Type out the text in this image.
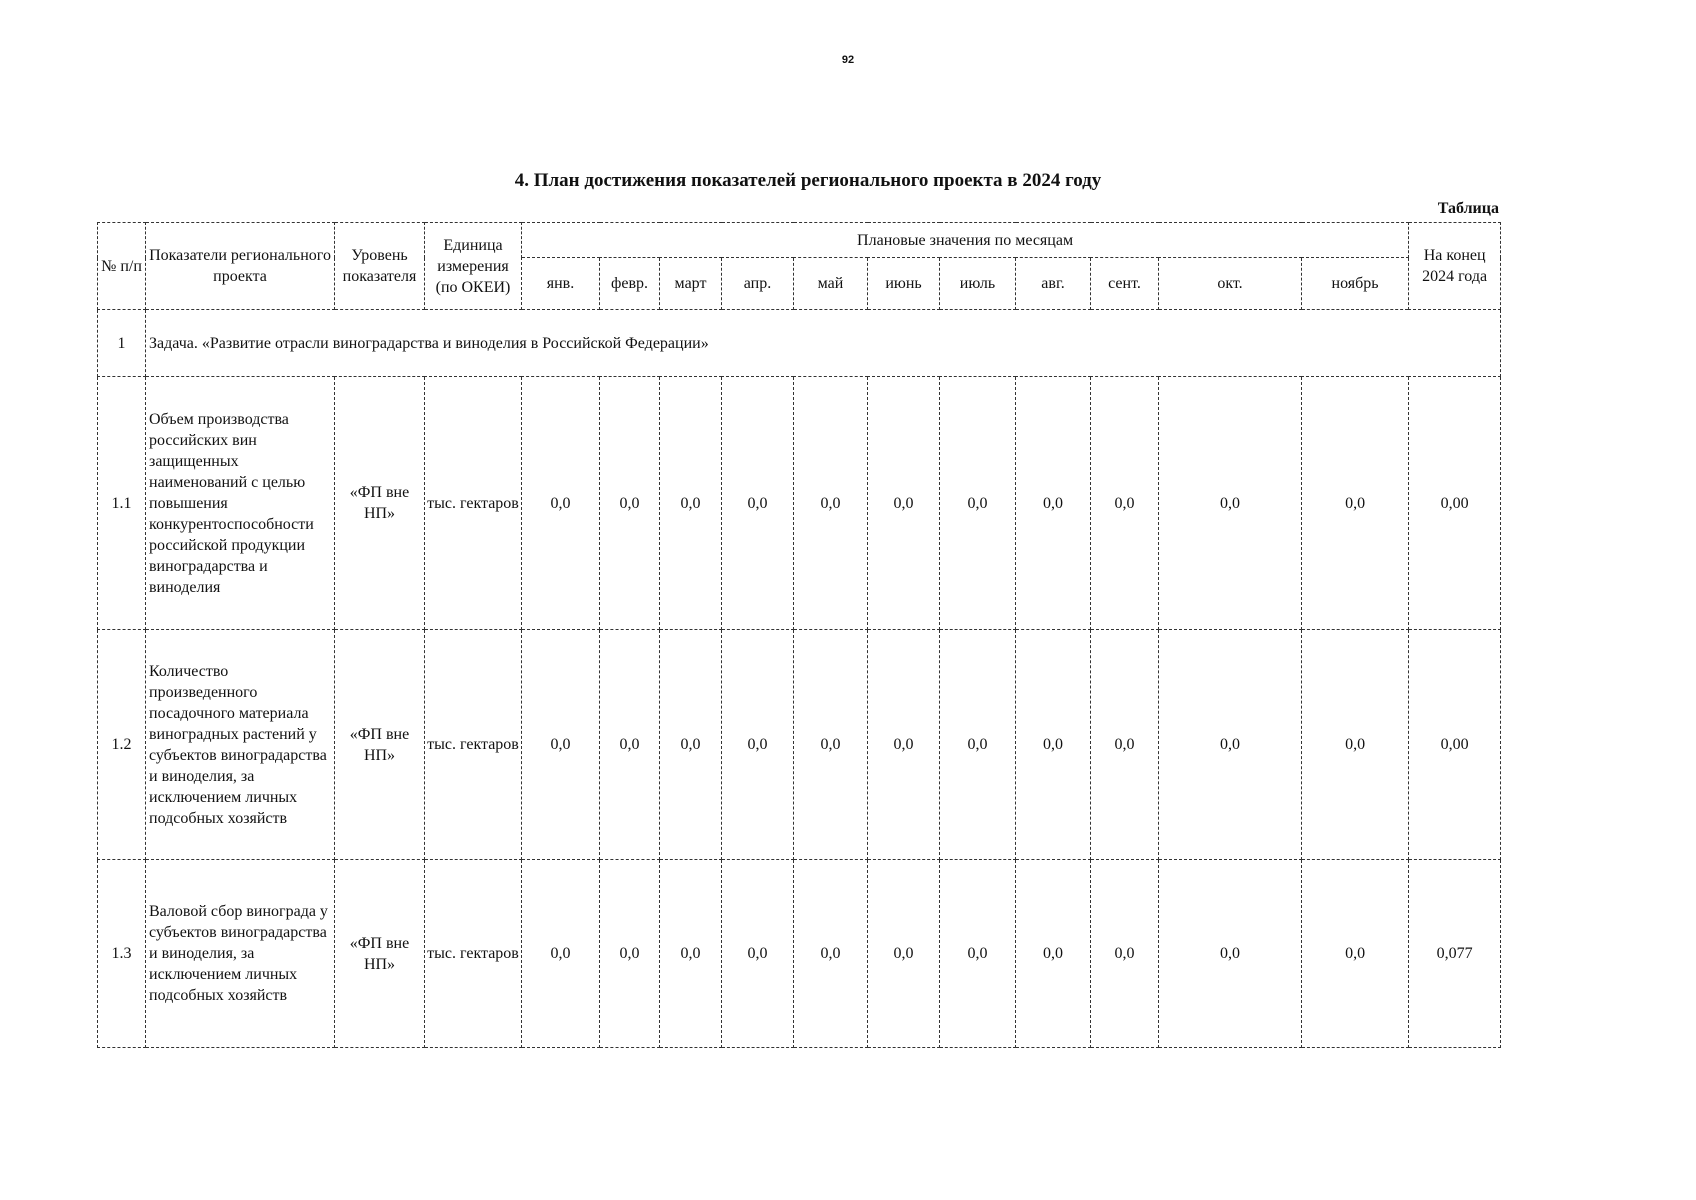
92
4. План достижения показателей регионального проекта в 2024 году
Таблица
№ п/п	Показатели регионального проекта	Уровень показателя	Единица измерения (по ОКЕИ)	Плановые значения по месяцам											На конец 2024 года
				янв.	февр.	март	апр.	май	июнь	июль	авг.	сент.	окт.	ноябрь	
1	Задача. «Развитие отрасли виноградарства и виноделия в Российской Федерации»														
1.1	Объем производства российских вин защищенных наименований с целью повышения конкурентоспособности российской продукции виноградарства и виноделия	«ФП вне НП»	тыс. гектаров	0,0	0,0	0,0	0,0	0,0	0,0	0,0	0,0	0,0	0,0	0,0	0,00
1.2	Количество произведенного посадочного материала виноградных растений у субъектов виноградарства и виноделия, за исключением личных подсобных хозяйств	«ФП вне НП»	тыс. гектаров	0,0	0,0	0,0	0,0	0,0	0,0	0,0	0,0	0,0	0,0	0,0	0,00
1.3	Валовой сбор винограда у субъектов виноградарства и виноделия, за исключением личных подсобных хозяйств	«ФП вне НП»	тыс. гектаров	0,0	0,0	0,0	0,0	0,0	0,0	0,0	0,0	0,0	0,0	0,0	0,077
